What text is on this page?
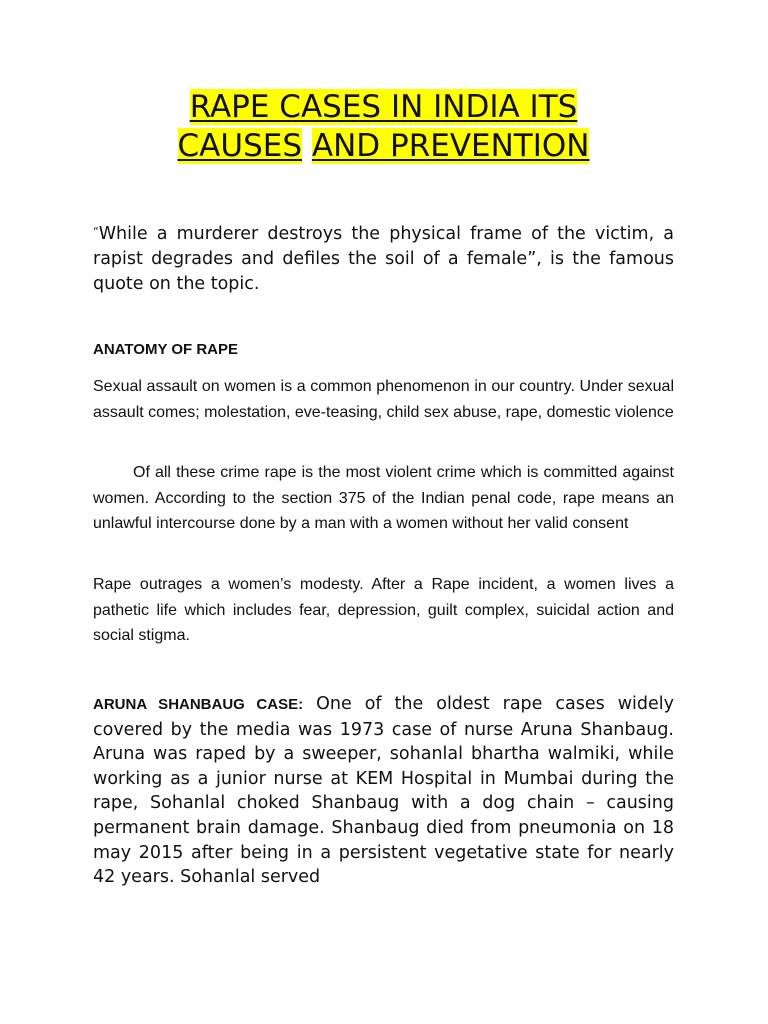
RAPE CASES IN INDIA ITS
CAUSES AND PREVENTION

“While a murderer destroys the physical frame of the victim, a rapist degrades and defiles the soil of a female”, is the famous quote on the topic.

ANATOMY OF RAPE

Sexual assault on women is a common phenomenon in our country. Under sexual assault comes; molestation, eve-teasing, child sex abuse, rape, domestic violence

Of all these crime rape is the most violent crime which is committed against women. According to the section 375 of the Indian penal code, rape means an unlawful intercourse done by a man with a women without her valid consent

Rape outrages a women’s modesty. After a Rape incident, a women lives a pathetic life which includes fear, depression, guilt complex, suicidal action and social stigma.

ARUNA SHANBAUG CASE: One of the oldest rape cases widely covered by the media was 1973 case of nurse Aruna Shanbaug. Aruna was raped by a sweeper, sohanlal bhartha walmiki, while working as a junior nurse at KEM Hospital in Mumbai during the rape, Sohanlal choked Shanbaug with a dog chain – causing permanent brain damage. Shanbaug died from pneumonia on 18 may 2015 after being in a persistent vegetative state for nearly 42 years. Sohanlal served
